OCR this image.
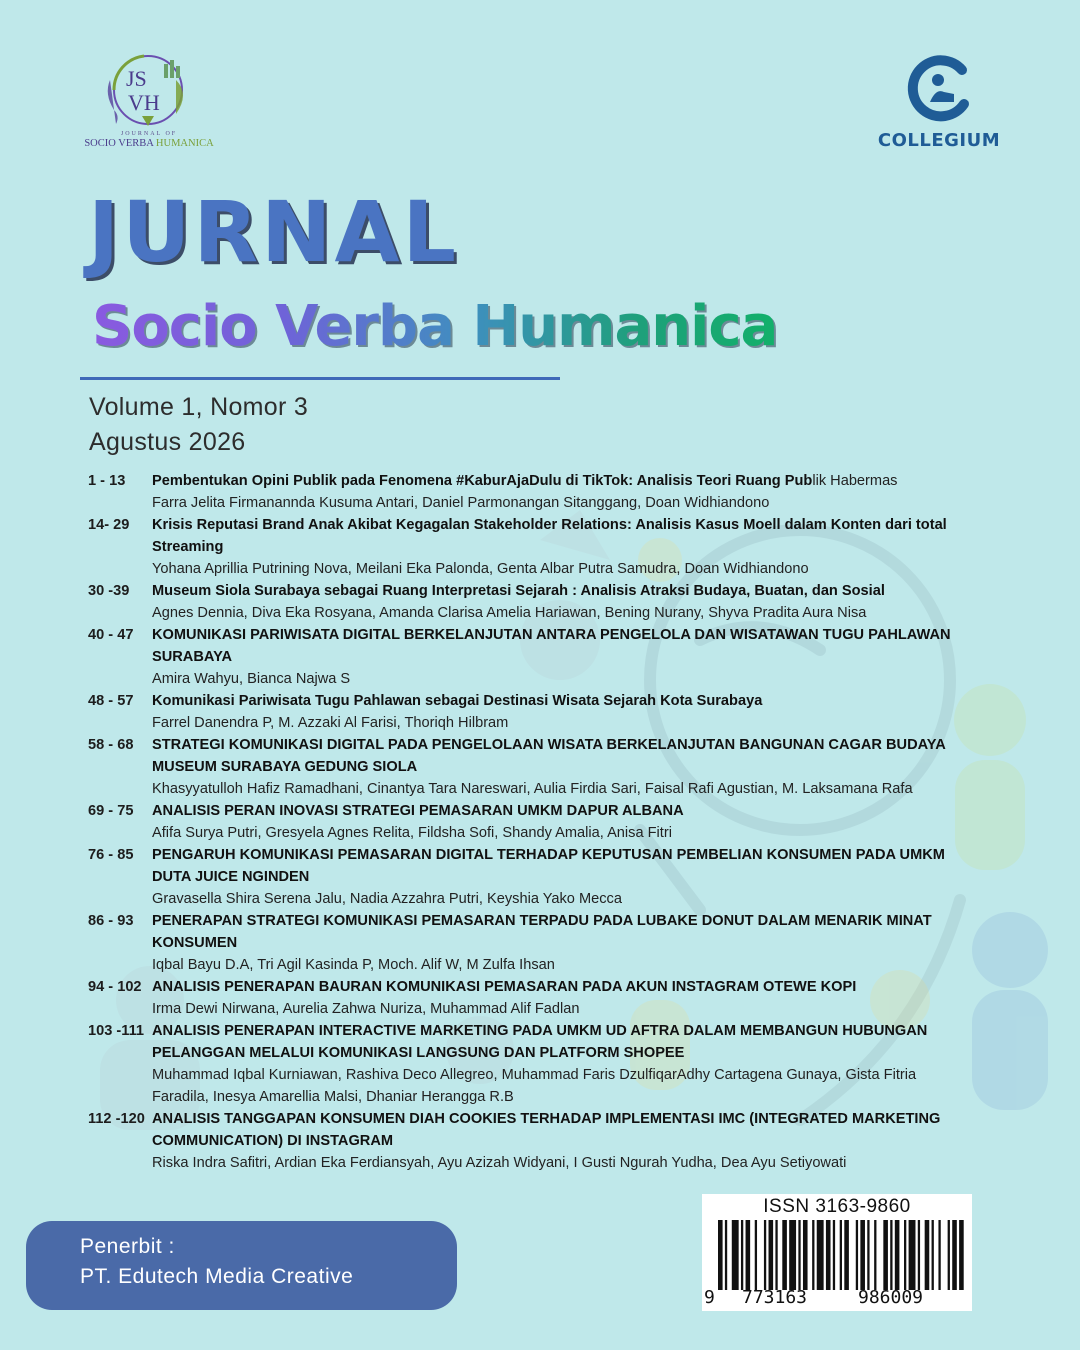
JS
VH
JOURNAL OF
SOCIO VERBA HUMANICA	COLLEGIUM
JURNAL
Socio Verba Humanica
Volume 1, Nomor 3
Agustus 2026
1 - 13 Pembentukan Opini Publik pada Fenomena #KaburAjaDulu di TikTok: Analisis Teori Ruang Publik Habermas
Farra Jelita Firmanannda Kusuma Antari, Daniel Parmonangan Sitanggang, Doan Widhiandono
14- 29 Krisis Reputasi Brand Anak Akibat Kegagalan Stakeholder Relations: Analisis Kasus Moell dalam Konten dari total Streaming
Yohana Aprillia Putrining Nova, Meilani Eka Palonda, Genta Albar Putra Samudra, Doan Widhiandono
30 -39 Museum Siola Surabaya sebagai Ruang Interpretasi Sejarah : Analisis Atraksi Budaya, Buatan, dan Sosial
Agnes Dennia, Diva Eka Rosyana, Amanda Clarisa Amelia Hariawan, Bening Nurany, Shyva Pradita Aura Nisa
40 - 47 KOMUNIKASI PARIWISATA DIGITAL BERKELANJUTAN ANTARA PENGELOLA DAN WISATAWAN TUGU PAHLAWAN SURABAYA
Amira Wahyu, Bianca Najwa S
48 - 57 Komunikasi Pariwisata Tugu Pahlawan sebagai Destinasi Wisata Sejarah Kota Surabaya
Farrel Danendra P, M. Azzaki Al Farisi, Thoriqh Hilbram
58 - 68 STRATEGI KOMUNIKASI DIGITAL PADA PENGELOLAAN WISATA BERKELANJUTAN BANGUNAN CAGAR BUDAYA MUSEUM SURABAYA GEDUNG SIOLA
Khasyyatulloh Hafiz Ramadhani, Cinantya Tara Nareswari, Aulia Firdia Sari, Faisal Rafi Agustian, M. Laksamana Rafa
69 - 75 ANALISIS PERAN INOVASI STRATEGI PEMASARAN UMKM DAPUR ALBANA
Afifa Surya Putri, Gresyela Agnes Relita, Fildsha Sofi, Shandy Amalia, Anisa Fitri
76 - 85 PENGARUH KOMUNIKASI PEMASARAN DIGITAL TERHADAP KEPUTUSAN PEMBELIAN KONSUMEN PADA UMKM DUTA JUICE NGINDEN
Gravasella Shira Serena Jalu, Nadia Azzahra Putri, Keyshia Yako Mecca
86 - 93 PENERAPAN STRATEGI KOMUNIKASI PEMASARAN TERPADU PADA LUBAKE DONUT DALAM MENARIK MINAT KONSUMEN
Iqbal Bayu D.A, Tri Agil Kasinda P, Moch. Alif W, M Zulfa Ihsan
94 - 102 ANALISIS PENERAPAN BAURAN KOMUNIKASI PEMASARAN PADA AKUN INSTAGRAM OTEWE KOPI
Irma Dewi Nirwana, Aurelia Zahwa Nuriza, Muhammad Alif Fadlan
103 -111 ANALISIS PENERAPAN INTERACTIVE MARKETING PADA UMKM UD AFTRA DALAM MEMBANGUN HUBUNGAN PELANGGAN MELALUI KOMUNIKASI LANGSUNG DAN PLATFORM SHOPEE
Muhammad Iqbal Kurniawan, Rashiva Deco Allegreo, Muhammad Faris DzulfiqarAdhy Cartagena Gunaya, Gista Fitria Faradila, Inesya Amarellia Malsi, Dhaniar Herangga R.B
112 -120 ANALISIS TANGGAPAN KONSUMEN DIAH COOKIES TERHADAP IMPLEMENTASI IMC (INTEGRATED MARKETING COMMUNICATION) DI INSTAGRAM
Riska Indra Safitri, Ardian Eka Ferdiansyah, Ayu Azizah Widyani, I Gusti Ngurah Yudha, Dea Ayu Setiyowati
Penerbit :
PT. Edutech Media Creative
ISSN 3163-9860
9 773163	986009
